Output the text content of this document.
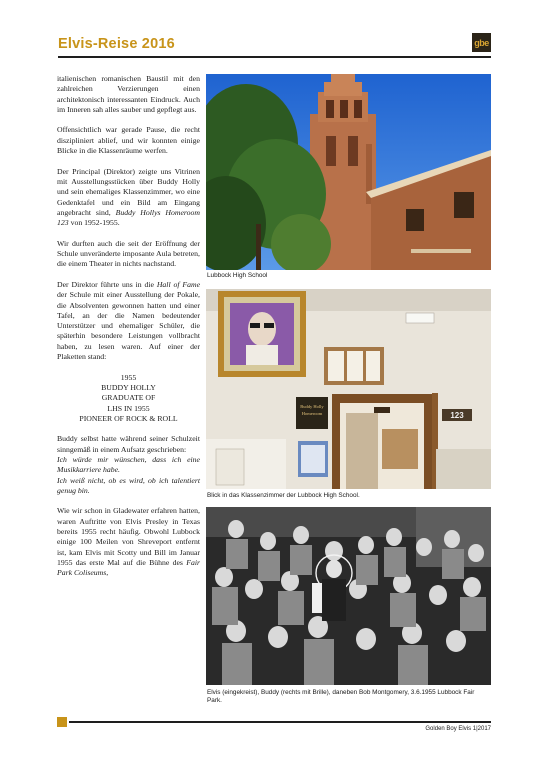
Elvis-Reise 2016	gbe

italienischen romanischen Baustil mit den zahlreichen Verzierungen einen architektonisch interessanten Eindruck. Auch im Inneren sah alles sauber und gepflegt aus.

Offensichtlich war gerade Pause, die recht diszipliniert ablief, und wir konnten einige Blicke in die Klassenräume werfen.

Der Principal (Direktor) zeigte uns Vitrinen mit Ausstellungsstücken über Buddy Holly und sein ehemaliges Klassenzimmer, wo eine Gedenktafel und ein Bild am Eingang angebracht sind, Buddy Hollys Homeroom 123 von 1952-1955.

Wir durften auch die seit der Eröffnung der Schule unveränderte imposante Aula betreten, die einem Theater in nichts nachstand.

Der Direktor führte uns in die Hall of Fame der Schule mit einer Ausstellung der Pokale, die Absolventen gewonnen hatten und einer Tafel, an der die Namen bedeutender Unterstützer und ehemaliger Schüler, die späterhin besondere Leistungen vollbracht haben, zu lesen waren. Auf einer der Plaketten stand:

1955
BUDDY HOLLY
GRADUATE OF
LHS IN 1955
PIONEER OF ROCK & ROLL

Buddy selbst hatte während seiner Schulzeit sinngemäß in einem Aufsatz geschrieben:

Ich würde mir wünschen, dass ich eine Musikkarriere habe.

Ich weiß nicht, ob es wird, ob ich talentiert genug bin.

Wie wir schon in Gladewater erfahren hatten, waren Auftritte von Elvis Presley in Texas bereits 1955 recht häufig. Obwohl Lubbock einige 100 Meilen von Shreveport entfernt ist, kam Elvis mit Scotty und Bill im Januar 1955 das erste Mal auf die Bühne des Fair Park Coliseums,

Lubbock High School
Buddy Holly
Homeroom	123
Blick in das Klassenzimmer der Lubbock High School.
Elvis (eingekreist), Buddy (rechts mit Brille), daneben Bob Montgomery, 3.6.1955 Lubbock Fair Park.
Golden Boy Elvis 1|2017
